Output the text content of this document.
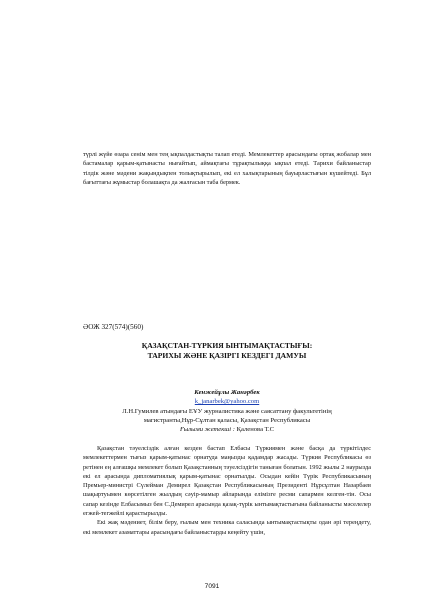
түрлі жүйе өзара сенім мен тең ықпалдастықты талап етеді. Мемлекеттер арасындағы ортақ жобалар мен бастамалар қарым-қатынасты нығайтып, аймақтағы тұрақтылыққа ықпал етеді. Тарихи байланыстар тілдік және мәдени жақындықпен толықтырылып, екі ел халықтарының бауырластығын күшейтеді. Бұл бағыттағы жұмыстар болашақта да жалғасын таба бермек.

ӘОЖ 327(574)(560)

ҚАЗАҚСТАН-ТҮРКИЯ ЫНТЫМАҚТАСТЫҒЫ:

ТАРИХЫ ЖӘНЕ ҚАЗІРГІ КЕЗДЕГІ ДАМУЫ

Кенжейұлы Жанәрбек
k_janarbek@yahoo.com
Л.Н.Гумилев атындағы ЕҰУ журналистика және саясаттану факультетінің
магистранты,Нұр-Сұлтан қаласы, Қазақстан Республикасы
Ғылыми жетекші : Қаленова Т.С

Қазақстан тәуелсіздік алған кезден бастап Елбасы Түркиямен және басқа да түркітілдес мемлекеттермен тығыз қарым-қатынас орнатуда маңызды қадамдар жасады. Түркия Республикасы өз ретінен ең алғашқы мемлекет болып Қазақстанның тәуелсіздігін таныған болатын. 1992 жылы 2 наурызда екі ел арасында дипломатиялық қарым-қатынас орнатылды. Осыдан кейін Түрік Республикасының Премьер-министрі Сүлейман Демирел Қазақстан Республикасының Президенті Нұрсұлтан Назарбаев шақыртуымен көрсетілген жылдың сәуір-мамыр айларында елімізге ресми сапармен келген-тін. Осы сапар кезінде Елбасымыз бен С.Демирел арасында қазақ-түрік ынтымақтастығына байланысты мәселелер егжей-тегжейлі қарастырылды.

Екі жақ мәдениет, білім беру, ғылым мен техника саласында ынтымақтастықты одан әрі тереңдету, екі мемлекет азаматтары арасындағы байланыстарды кеңейту үшін,

7091
